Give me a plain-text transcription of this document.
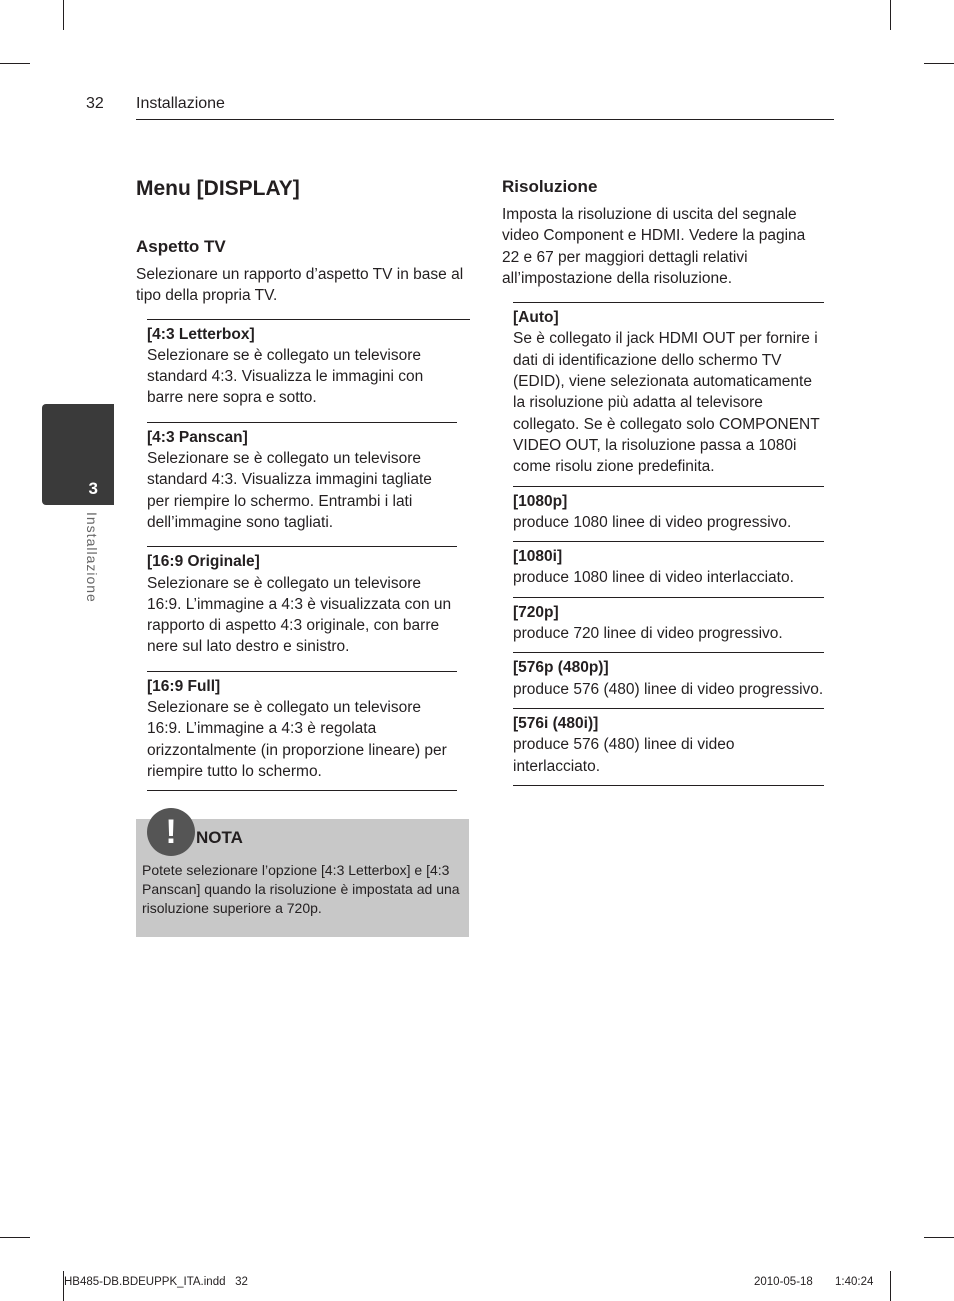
32 Installazione
3
Installazione
Menu [DISPLAY]
Aspetto TV

Selezionare un rapporto d’aspetto TV in base al tipo della propria TV.

[4:3 Letterbox]
Selezionare se è collegato un televisore standard 4:3. Visualizza le immagini con barre nere sopra e sotto.
[4:3 Panscan]
Selezionare se è collegato un televisore standard 4:3. Visualizza immagini tagliate per riempire lo schermo. Entrambi i lati dell’immagine sono tagliati.
[16:9 Originale]
Selezionare se è collegato un televisore 16:9. L’immagine a 4:3 è visualizzata con un rapporto di aspetto 4:3 originale, con barre nere sul lato destro e sinistro.
[16:9 Full]
Selezionare se è collegato un televisore 16:9. L’immagine a 4:3 è regolata orizzontalmente (in proporzione lineare) per riempire tutto lo schermo.
!	NOTA
Potete selezionare l’opzione [4:3 Letterbox] e [4:3 Panscan] quando la risoluzione è impostata ad una risoluzione superiore a 720p.
Risoluzione

Imposta la risoluzione di uscita del segnale video Component e HDMI. Vedere la pagina 22 e 67 per maggiori dettagli relativi all’impostazione della risoluzione.

[Auto]
Se è collegato il jack HDMI OUT per fornire i dati di identificazione dello schermo TV (EDID), viene selezionata automaticamente la risoluzione più adatta al televisore collegato. Se è collegato solo COMPONENT VIDEO OUT, la risoluzione passa a 1080i come risolu zione predefinita.
[1080p]
produce 1080 linee di video progressivo.
[1080i]
produce 1080 linee di video interlacciato.
[720p]
produce 720 linee di video progressivo.
[576p (480p)]
produce 576 (480) linee di video progressivo.
[576i (480i)]
produce 576 (480) linee di video interlacciato.
HB485-DB.BDEUPPK_ITA.indd   32	2010-05-18 1:40:24
